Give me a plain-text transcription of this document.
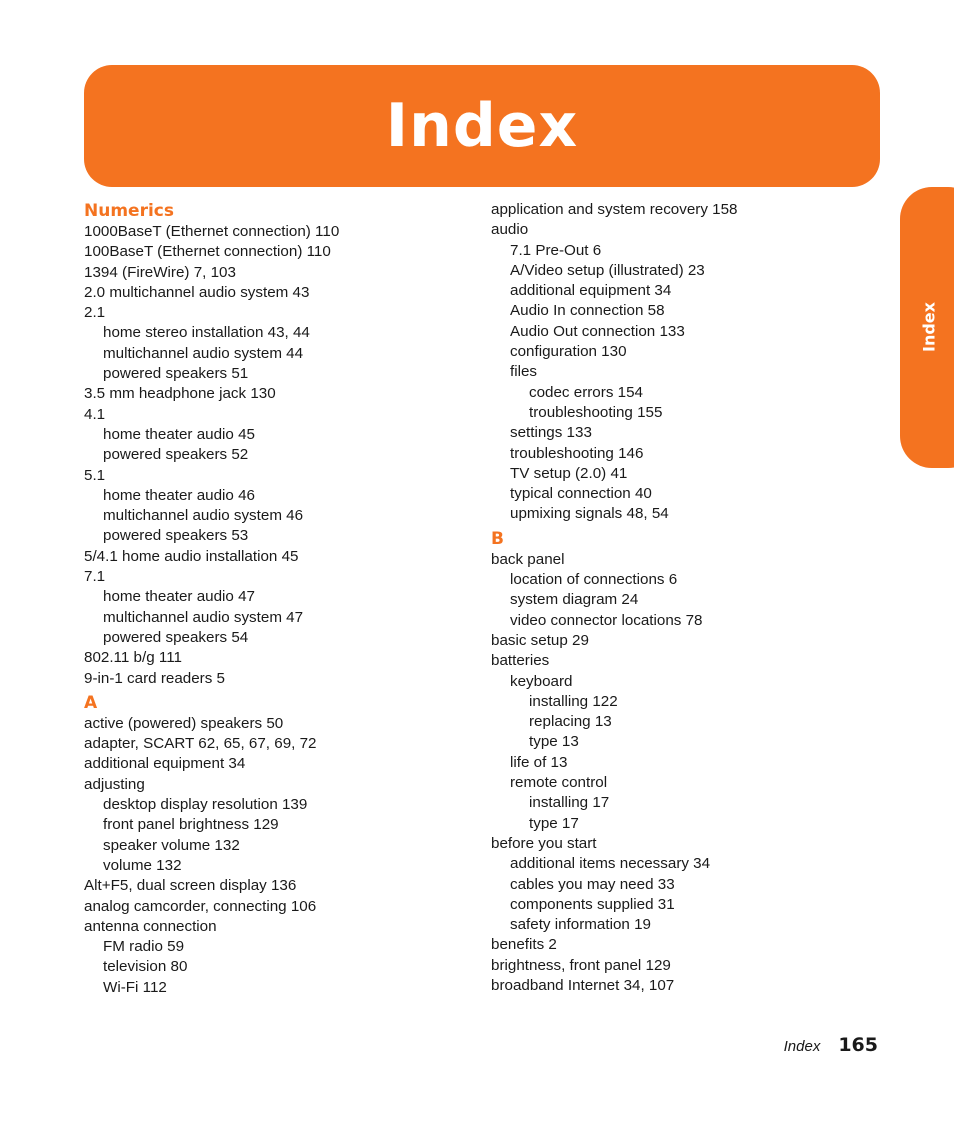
Index
Index
Numerics
1000BaseT (Ethernet connection) 110
100BaseT (Ethernet connection) 110
1394 (FireWire) 7, 103
2.0 multichannel audio system 43
2.1
home stereo installation 43, 44
multichannel audio system 44
powered speakers 51
3.5 mm headphone jack 130
4.1
home theater audio 45
powered speakers 52
5.1
home theater audio 46
multichannel audio system 46
powered speakers 53
5/4.1 home audio installation 45
7.1
home theater audio 47
multichannel audio system 47
powered speakers 54
802.11 b/g 111
9-in-1 card readers 5
A
active (powered) speakers 50
adapter, SCART 62, 65, 67, 69, 72
additional equipment 34
adjusting
desktop display resolution 139
front panel brightness 129
speaker volume 132
volume 132
Alt+F5, dual screen display 136
analog camcorder, connecting 106
antenna connection
FM radio 59
television 80
Wi-Fi 112
application and system recovery 158
audio
7.1 Pre-Out 6
A/Video setup (illustrated) 23
additional equipment 34
Audio In connection 58
Audio Out connection 133
configuration 130
files
codec errors 154
troubleshooting 155
settings 133
troubleshooting 146
TV setup (2.0) 41
typical connection 40
upmixing signals 48, 54
B
back panel
location of connections 6
system diagram 24
video connector locations 78
basic setup 29
batteries
keyboard
installing 122
replacing 13
type 13
life of 13
remote control
installing 17
type 17
before you start
additional items necessary 34
cables you may need 33
components supplied 31
safety information 19
benefits 2
brightness, front panel 129
broadband Internet 34, 107
Index 165
